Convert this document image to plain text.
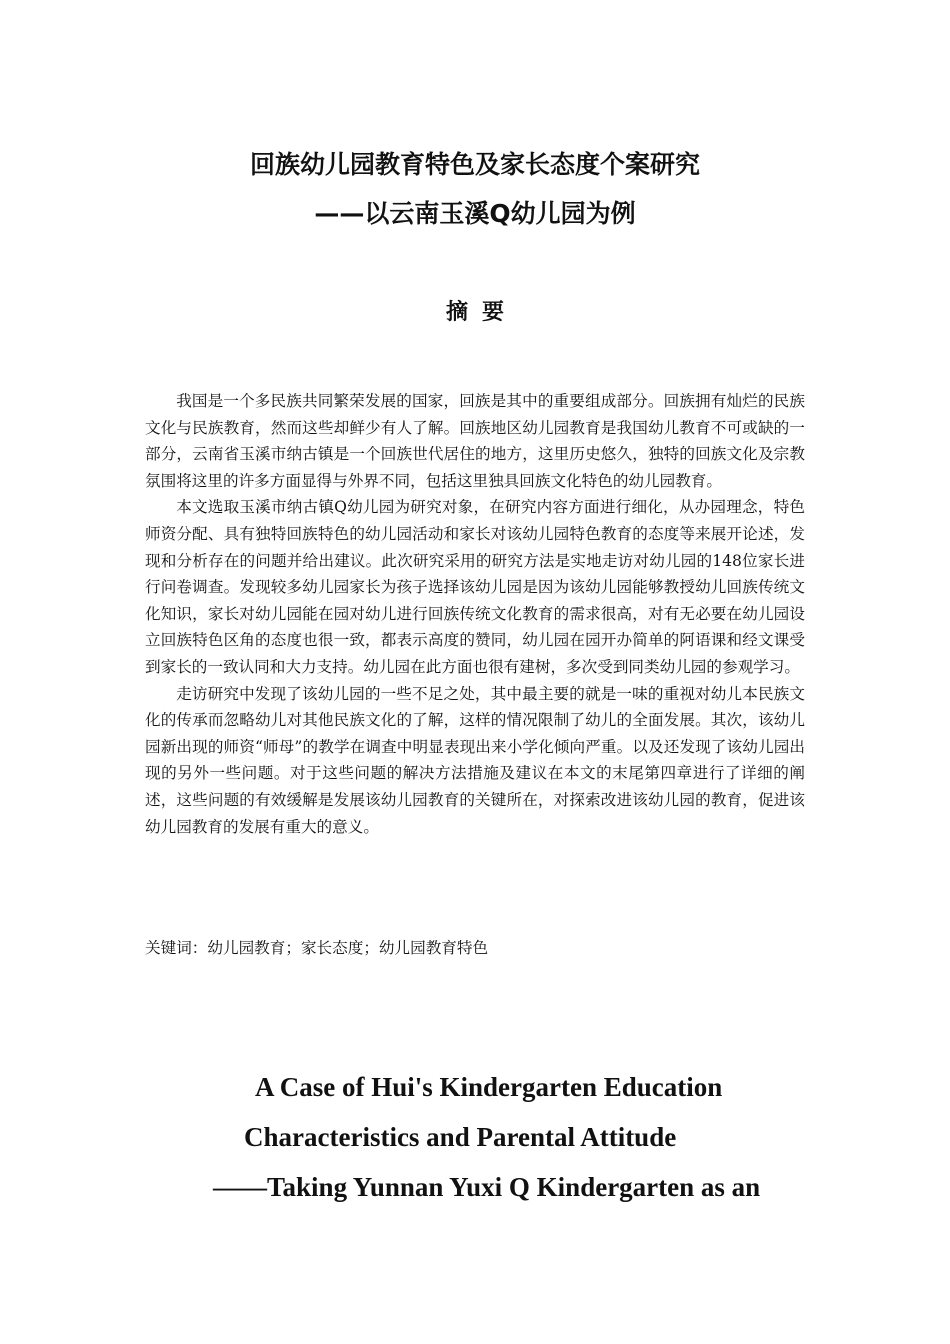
回族幼儿园教育特色及家长态度个案研究
——以云南玉溪Q幼儿园为例
摘要

我国是一个多民族共同繁荣发展的国家，回族是其中的重要组成部分。回族拥有灿烂的民族文化与民族教育，然而这些却鲜少有人了解。回族地区幼儿园教育是我国幼儿教育不可或缺的一部分，云南省玉溪市纳古镇是一个回族世代居住的地方，这里历史悠久，独特的回族文化及宗教氛围将这里的许多方面显得与外界不同，包括这里独具回族文化特色的幼儿园教育。

本文选取玉溪市纳古镇Q幼儿园为研究对象，在研究内容方面进行细化，从办园理念，特色师资分配、具有独特回族特色的幼儿园活动和家长对该幼儿园特色教育的态度等来展开论述，发现和分析存在的问题并给出建议。此次研究采用的研究方法是实地走访对幼儿园的148位家长进行问卷调查。发现较多幼儿园家长为孩子选择该幼儿园是因为该幼儿园能够教授幼儿回族传统文化知识，家长对幼儿园能在园对幼儿进行回族传统文化教育的需求很高，对有无必要在幼儿园设立回族特色区角的态度也很一致，都表示高度的赞同，幼儿园在园开办简单的阿语课和经文课受到家长的一致认同和大力支持。幼儿园在此方面也很有建树，多次受到同类幼儿园的参观学习。

走访研究中发现了该幼儿园的一些不足之处，其中最主要的就是一味的重视对幼儿本民族文化的传承而忽略幼儿对其他民族文化的了解，这样的情况限制了幼儿的全面发展。其次，该幼儿园新出现的师资“师母”的教学在调查中明显表现出来小学化倾向严重。以及还发现了该幼儿园出现的另外一些问题。对于这些问题的解决方法措施及建议在本文的末尾第四章进行了详细的阐述，这些问题的有效缓解是发展该幼儿园教育的关键所在，对探索改进该幼儿园的教育，促进该幼儿园教育的发展有重大的意义。

关键词：幼儿园教育；家长态度；幼儿园教育特色
A Case of Hui's Kindergarten Education
Characteristics and Parental Attitude
——Taking Yunnan Yuxi Q Kindergarten as an
